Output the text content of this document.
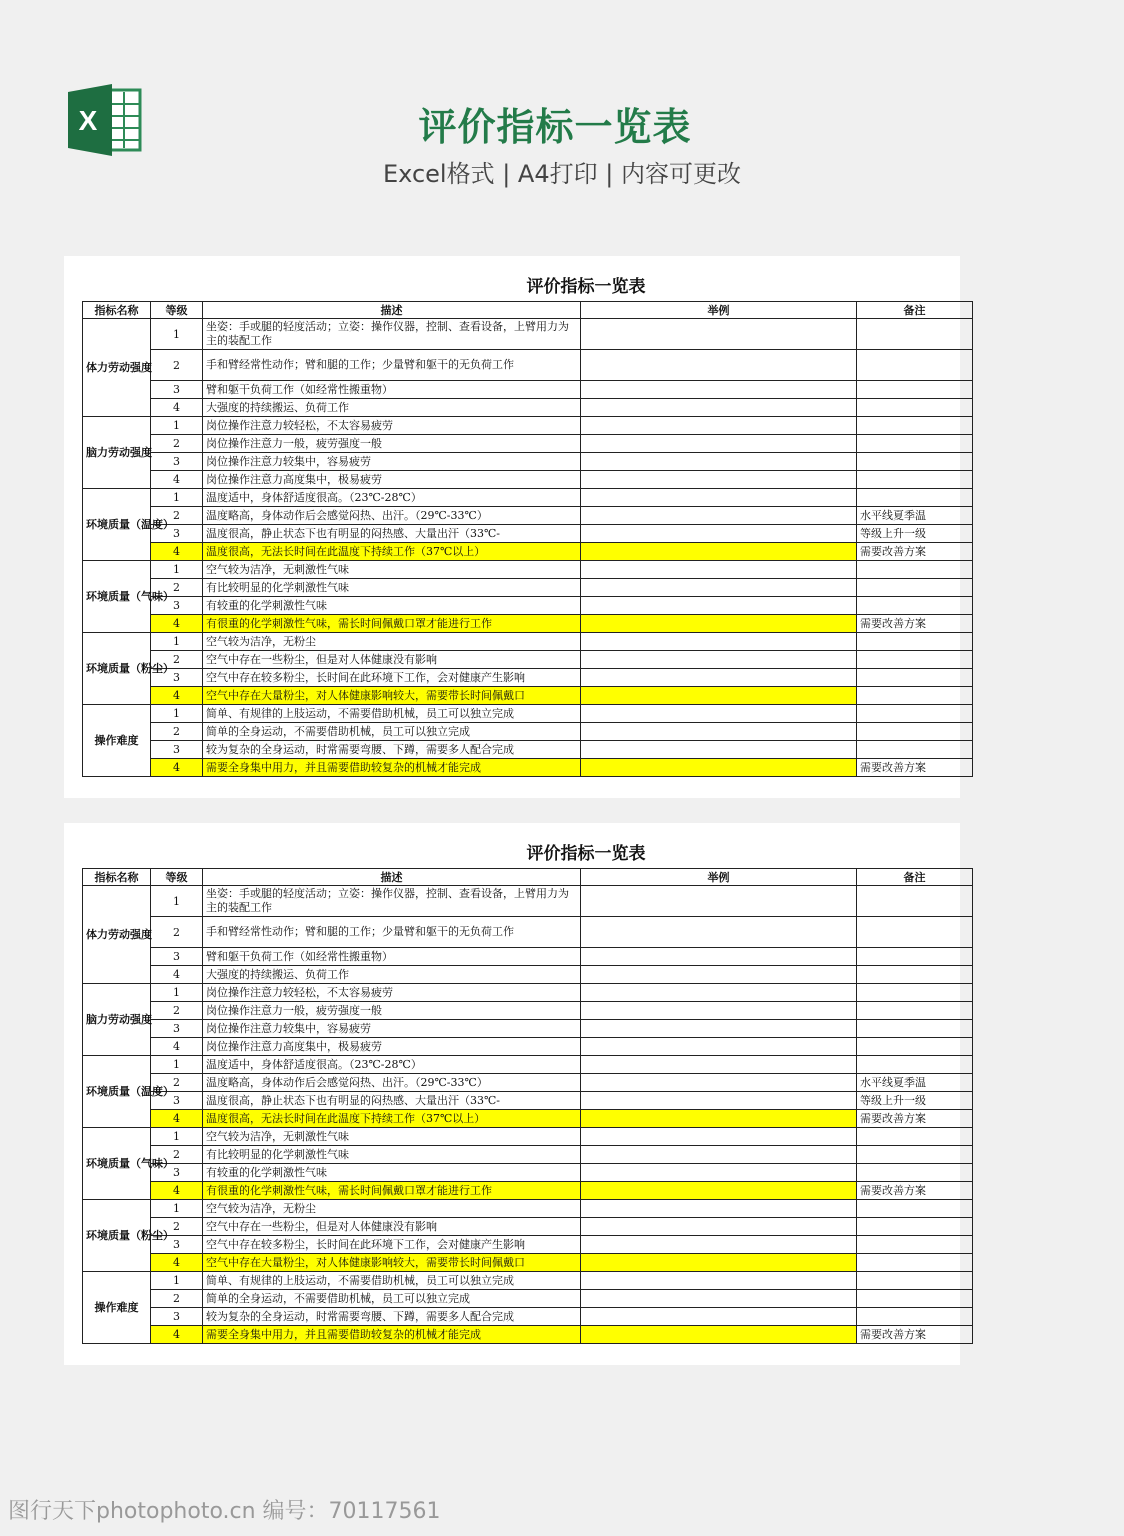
X	评价指标一览表
Excel格式 | A4打印 | 内容可更改
评价指标一览表
指标名称	等级	描述	举例	备注
体力劳动强度	1	坐姿：手或腿的轻度活动；立姿：操作仪器，控制、查看设备，上臂用力为主的装配工作		
	2	手和臂经常性动作；臂和腿的工作；少量臂和躯干的无负荷工作		
	3	臂和躯干负荷工作（如经常性搬重物）		
	4	大强度的持续搬运、负荷工作		
脑力劳动强度	1	岗位操作注意力较轻松，不太容易疲劳		
	2	岗位操作注意力一般，疲劳强度一般		
	3	岗位操作注意力较集中，容易疲劳		
	4	岗位操作注意力高度集中，极易疲劳		
环境质量（温度）	1	温度适中，身体舒适度很高。（23℃-28℃）		
	2	温度略高，身体动作后会感觉闷热、出汗。（29℃-33℃）		水平线夏季温
	3	温度很高，静止状态下也有明显的闷热感、大量出汗（33℃-		等级上升一级
	4	温度很高，无法长时间在此温度下持续工作（37℃以上）		需要改善方案
环境质量（气味）	1	空气较为洁净，无刺激性气味		
	2	有比较明显的化学刺激性气味		
	3	有较重的化学刺激性气味		
	4	有很重的化学刺激性气味，需长时间佩戴口罩才能进行工作		需要改善方案
环境质量（粉尘）	1	空气较为洁净，无粉尘		
	2	空气中存在一些粉尘，但是对人体健康没有影响		
	3	空气中存在较多粉尘，长时间在此环境下工作，会对健康产生影响		
	4	空气中存在大量粉尘，对人体健康影响较大，需要带长时间佩戴口		
操作难度	1	简单、有规律的上肢运动，不需要借助机械，员工可以独立完成		
	2	简单的全身运动，不需要借助机械，员工可以独立完成		
	3	较为复杂的全身运动，时常需要弯腰、下蹲，需要多人配合完成		
	4	需要全身集中用力，并且需要借助较复杂的机械才能完成		需要改善方案
评价指标一览表
指标名称	等级	描述	举例	备注
体力劳动强度	1	坐姿：手或腿的轻度活动；立姿：操作仪器，控制、查看设备，上臂用力为主的装配工作		
	2	手和臂经常性动作；臂和腿的工作；少量臂和躯干的无负荷工作		
	3	臂和躯干负荷工作（如经常性搬重物）		
	4	大强度的持续搬运、负荷工作		
脑力劳动强度	1	岗位操作注意力较轻松，不太容易疲劳		
	2	岗位操作注意力一般，疲劳强度一般		
	3	岗位操作注意力较集中，容易疲劳		
	4	岗位操作注意力高度集中，极易疲劳		
环境质量（温度）	1	温度适中，身体舒适度很高。（23℃-28℃）		
	2	温度略高，身体动作后会感觉闷热、出汗。（29℃-33℃）		水平线夏季温
	3	温度很高，静止状态下也有明显的闷热感、大量出汗（33℃-		等级上升一级
	4	温度很高，无法长时间在此温度下持续工作（37℃以上）		需要改善方案
环境质量（气味）	1	空气较为洁净，无刺激性气味		
	2	有比较明显的化学刺激性气味		
	3	有较重的化学刺激性气味		
	4	有很重的化学刺激性气味，需长时间佩戴口罩才能进行工作		需要改善方案
环境质量（粉尘）	1	空气较为洁净，无粉尘		
	2	空气中存在一些粉尘，但是对人体健康没有影响		
	3	空气中存在较多粉尘，长时间在此环境下工作，会对健康产生影响		
	4	空气中存在大量粉尘，对人体健康影响较大，需要带长时间佩戴口		
操作难度	1	简单、有规律的上肢运动，不需要借助机械，员工可以独立完成		
	2	简单的全身运动，不需要借助机械，员工可以独立完成		
	3	较为复杂的全身运动，时常需要弯腰、下蹲，需要多人配合完成		
	4	需要全身集中用力，并且需要借助较复杂的机械才能完成		需要改善方案
图行天下photophoto.cn 编号：70117561
